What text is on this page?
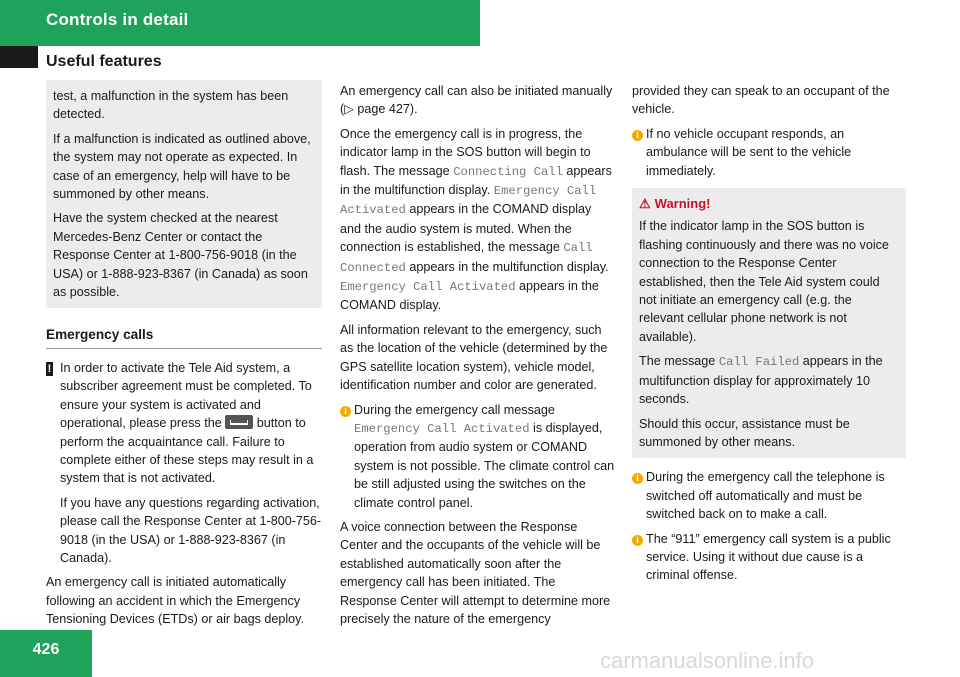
Controls in detail
Useful features

test, a malfunction in the system has been detected.

If a malfunction is indicated as outlined above, the system may not operate as expected. In case of an emergency, help will have to be summoned by other means.

Have the system checked at the nearest Mercedes-Benz Center or contact the Response Center at 1-800-756-9018 (in the USA) or 1-888-923-8367 (in Canada) as soon as possible.

Emergency calls
! In order to activate the Tele Aid system, a subscriber agreement must be completed. To ensure your system is activated and operational, please press the	button to perform the acquaintance call. Failure to complete either of these steps may result in a system that is not activated.

If you have any questions regarding activation, please call the Response Center at 1-800-756-9018 (in the USA) or 1-888-923-8367 (in Canada).

An emergency call is initiated automatically following an accident in which the Emergency Tensioning Devices (ETDs) or air bags deploy.

An emergency call can also be initiated manually (▷ page 427).

Once the emergency call is in progress, the indicator lamp in the SOS button will begin to flash. The message Connecting Call appears in the multifunction display. Emergency Call Activated appears in the COMAND display and the audio system is muted. When the connection is established, the message Call Connected appears in the multifunction display. Emergency Call Activated appears in the COMAND display.

All information relevant to the emergency, such as the location of the vehicle (determined by the GPS satellite location system), vehicle model, identification number and color are generated.

i During the emergency call message Emergency Call Activated is displayed, operation from audio system or COMAND system is not possible. The climate control can be still adjusted using the switches on the climate control panel.

A voice connection between the Response Center and the occupants of the vehicle will be established automatically soon after the emergency call has been initiated. The Response Center will attempt to determine more precisely the nature of the emergency

provided they can speak to an occupant of the vehicle.

i If no vehicle occupant responds, an ambulance will be sent to the vehicle immediately.

⚠ Warning!

If the indicator lamp in the SOS button is flashing continuously and there was no voice connection to the Response Center established, then the Tele Aid system could not initiate an emergency call (e.g. the relevant cellular phone network is not available).

The message Call Failed appears in the multifunction display for approximately 10 seconds.

Should this occur, assistance must be summoned by other means.

i During the emergency call the telephone is switched off automatically and must be switched back on to make a call.

i The “911” emergency call system is a public service. Using it without due cause is a criminal offense.

426	carmanualsonline.info
